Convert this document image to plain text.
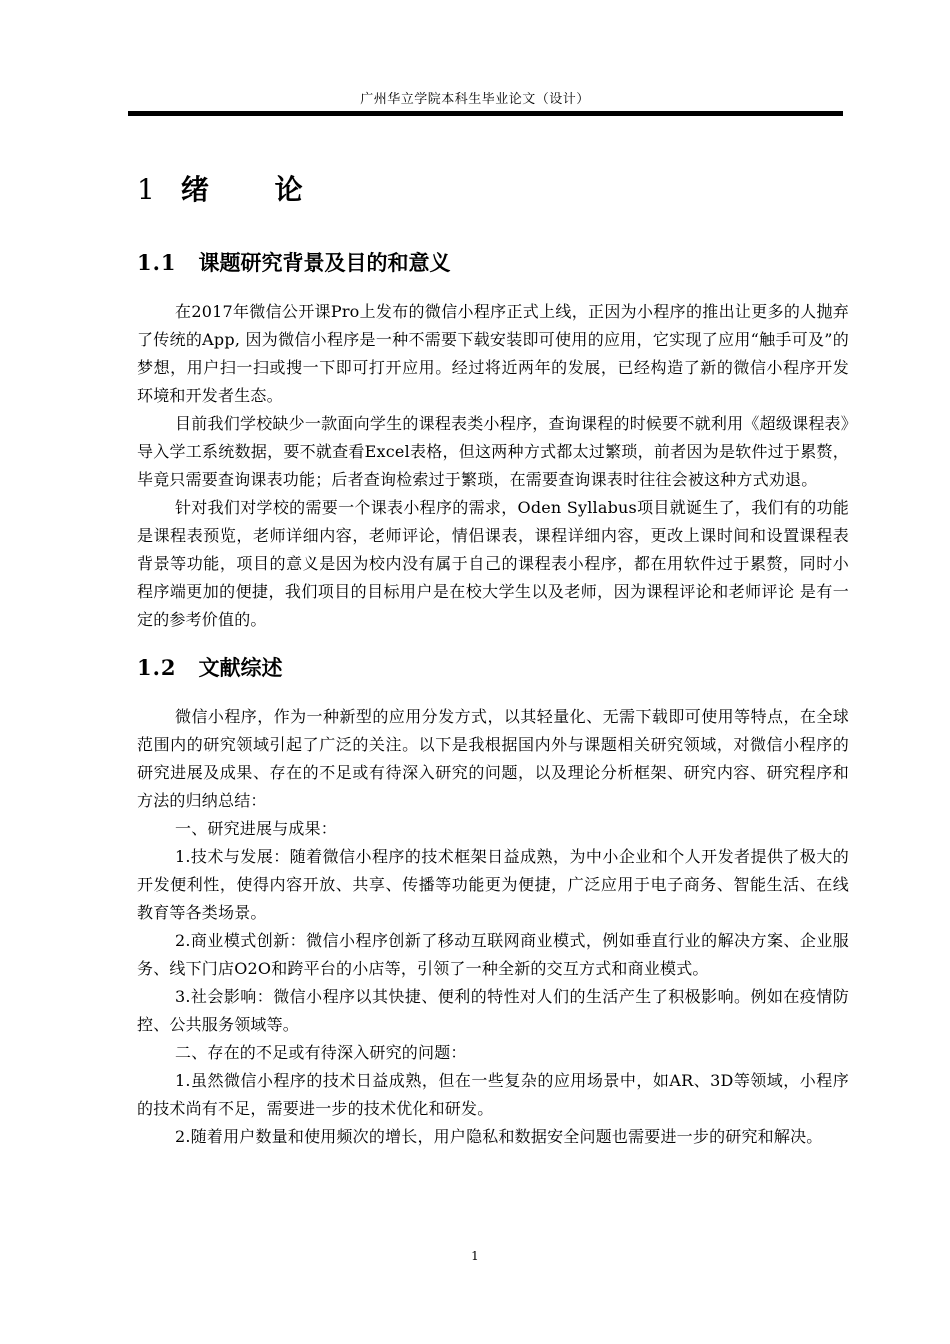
广州华立学院本科生毕业论文（设计）
1 绪 论
1.1 课题研究背景及目的和意义

在2017年微信公开课Pro上发布的微信小程序正式上线，正因为小程序的推出让更多的人抛弃了传统的App, 因为微信小程序是一种不需要下载安装即可使用的应用，它实现了应用“触手可及”的梦想，用户扫一扫或搜一下即可打开应用。经过将近两年的发展，已经构造了新的微信小程序开发环境和开发者生态。

目前我们学校缺少一款面向学生的课程表类小程序，查询课程的时候要不就利用《超级课程表》导入学工系统数据，要不就查看Excel表格，但这两种方式都太过繁琐，前者因为是软件过于累赘，毕竟只需要查询课表功能；后者查询检索过于繁琐，在需要查询课表时往往会被这种方式劝退。

针对我们对学校的需要一个课表小程序的需求，Oden Syllabus项目就诞生了，我们有的功能是课程表预览，老师详细内容，老师评论，情侣课表，课程详细内容，更改上课时间和设置课程表背景等功能，项目的意义是因为校内没有属于自己的课程表小程序，都在用软件过于累赘，同时小程序端更加的便捷，我们项目的目标用户是在校大学生以及老师，因为课程评论和老师评论 是有一定的参考价值的。

1.2 文献综述

微信小程序，作为一种新型的应用分发方式，以其轻量化、无需下载即可使用等特点，在全球范围内的研究领域引起了广泛的关注。以下是我根据国内外与课题相关研究领域，对微信小程序的研究进展及成果、存在的不足或有待深入研究的问题，以及理论分析框架、研究内容、研究程序和方法的归纳总结：

一、研究进展与成果：

1.技术与发展：随着微信小程序的技术框架日益成熟，为中小企业和个人开发者提供了极大的开发便利性，使得内容开放、共享、传播等功能更为便捷，广泛应用于电子商务、智能生活、在线教育等各类场景。

2.商业模式创新：微信小程序创新了移动互联网商业模式，例如垂直行业的解决方案、企业服务、线下门店O2O和跨平台的小店等，引领了一种全新的交互方式和商业模式。

3.社会影响：微信小程序以其快捷、便利的特性对人们的生活产生了积极影响。例如在疫情防控、公共服务领域等。

二、存在的不足或有待深入研究的问题：

1.虽然微信小程序的技术日益成熟，但在一些复杂的应用场景中，如AR、3D等领域，小程序的技术尚有不足，需要进一步的技术优化和研发。

2.随着用户数量和使用频次的增长，用户隐私和数据安全问题也需要进一步的研究和解决。

1
